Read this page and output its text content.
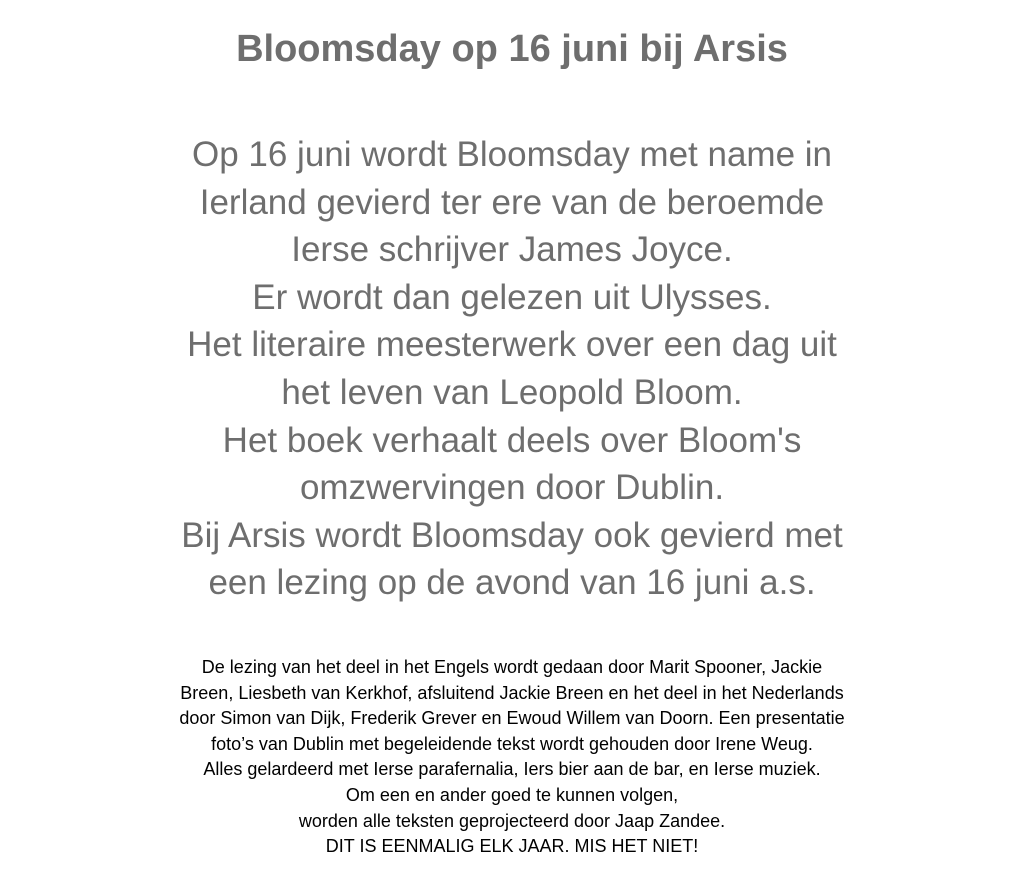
Bloomsday op 16 juni bij Arsis

Op 16 juni wordt Bloomsday met name in
Ierland gevierd ter ere van de beroemde
Ierse schrijver James Joyce.
Er wordt dan gelezen uit Ulysses.
Het literaire meesterwerk over een dag uit
het leven van Leopold Bloom.
Het boek verhaalt deels over Bloom's
omzwervingen door Dublin.
Bij Arsis wordt Bloomsday ook gevierd met
een lezing op de avond van 16 juni a.s.

De lezing van het deel in het Engels wordt gedaan door Marit Spooner, Jackie
Breen, Liesbeth van Kerkhof, afsluitend Jackie Breen en het deel in het Nederlands
door Simon van Dijk, Frederik Grever en Ewoud Willem van Doorn. Een presentatie
foto’s van Dublin met begeleidende tekst wordt gehouden door Irene Weug.
Alles gelardeerd met Ierse parafernalia, Iers bier aan de bar, en Ierse muziek.
Om een en ander goed te kunnen volgen,
worden alle teksten geprojecteerd door Jaap Zandee.
DIT IS EENMALIG ELK JAAR. MIS HET NIET!
